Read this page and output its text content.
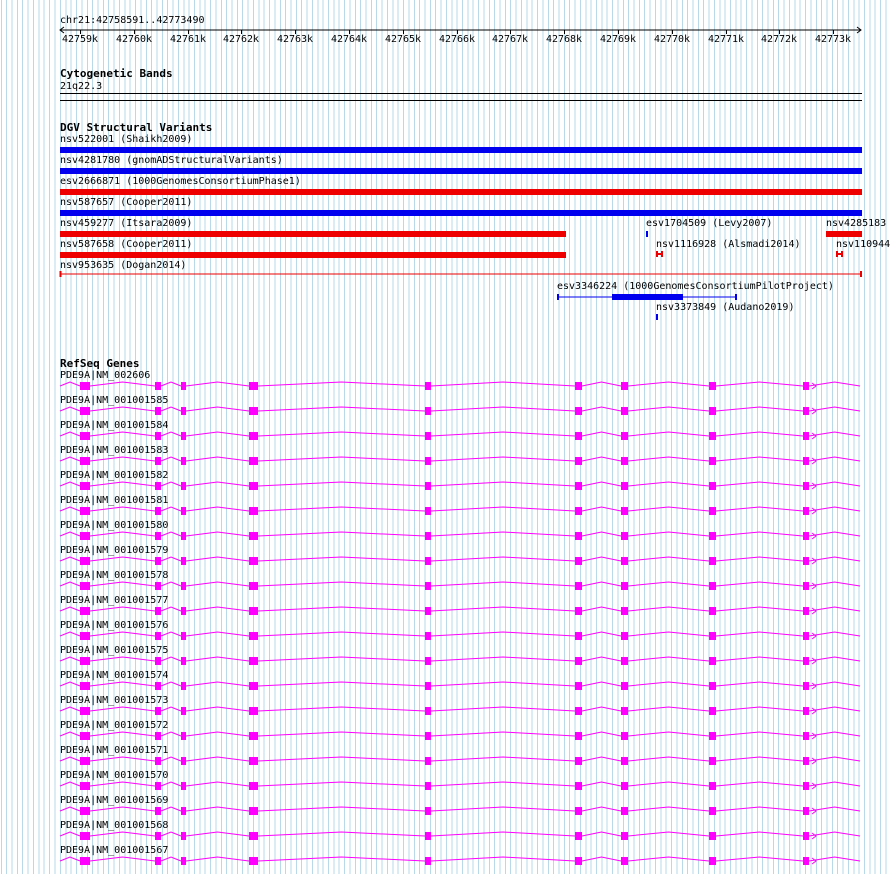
chr21:42758591..42773490
42759k 42760k 42761k 42762k 42763k 42764k 42765k 42766k 42767k 42768k 42769k 42770k 42771k 42772k 42773k
Cytogenetic Bands
21q22.3
DGV Structural Variants
nsv522001 (Shaikh2009)
nsv4281780 (gnomADStructuralVariants)
esv2666871 (1000GenomesConsortiumPhase1)
nsv587657 (Cooper2011)
nsv459277 (Itsara2009)
nsv587658 (Cooper2011)
nsv953635 (Dogan2014)
esv1704509 (Levy2007)	nsv4285183
nsv1116928 (Alsmadi2014)	nsv110944
esv3346224 (1000GenomesConsortiumPilotProject)
nsv3373849 (Audano2019)
RefSeq Genes
PDE9A|NM_002606
PDE9A|NM_001001585
PDE9A|NM_001001584
PDE9A|NM_001001583
PDE9A|NM_001001582
PDE9A|NM_001001581
PDE9A|NM_001001580
PDE9A|NM_001001579
PDE9A|NM_001001578
PDE9A|NM_001001577
PDE9A|NM_001001576
PDE9A|NM_001001575
PDE9A|NM_001001574
PDE9A|NM_001001573
PDE9A|NM_001001572
PDE9A|NM_001001571
PDE9A|NM_001001570
PDE9A|NM_001001569
PDE9A|NM_001001568
PDE9A|NM_001001567
